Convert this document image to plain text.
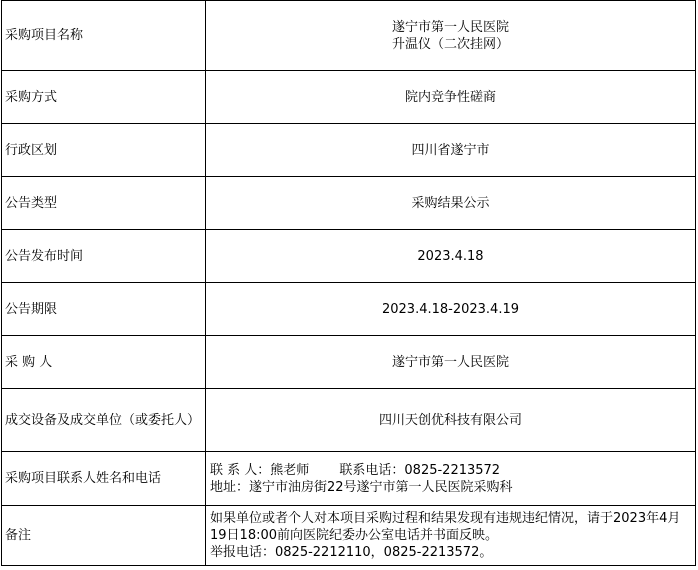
采购项目名称	遂宁市第一人民医院
升温仪（二次挂网）

采购方式	院内竞争性磋商
行政区划	四川省遂宁市
公告类型	采购结果公示
公告发布时间	2023.4.18
公告期限	2023.4.18-2023.4.19
采 购 人	遂宁市第一人民医院

成交设备及成交单位（或委托人）	四川天创优科技有限公司
采购项目联系人姓名和电话	联 系 人：熊老师　　 联系电话：0825-2213572
地址：遂宁市油房街22号遂宁市第一人民医院采购科

备注	如果单位或者个人对本项目采购过程和结果发现有违规违纪情况，请于2023年4月19日18:00前向医院纪委办公室电话并书面反映。
举报电话：0825-2212110，0825-2213572。
